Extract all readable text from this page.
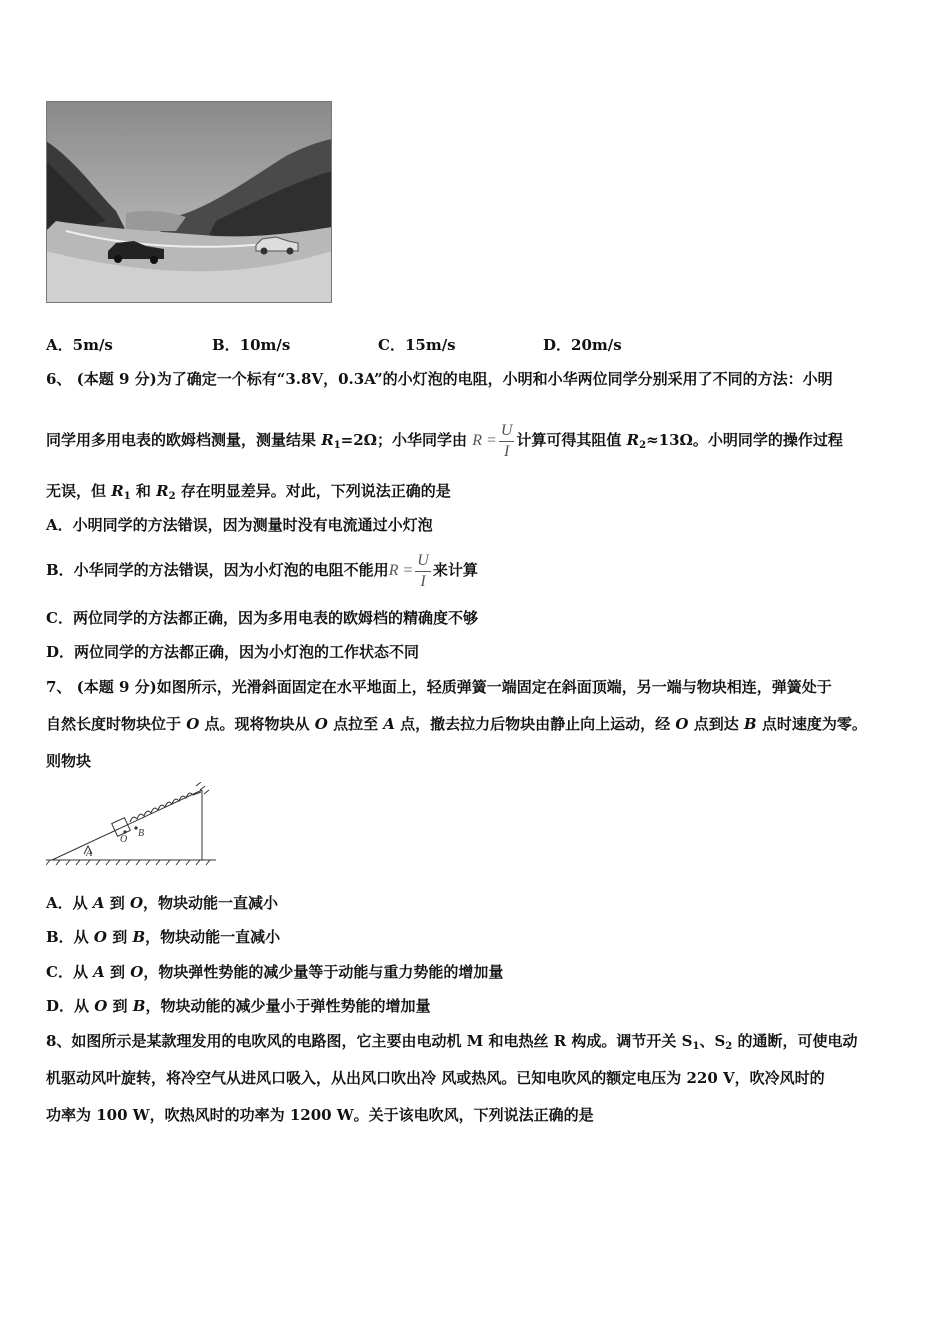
A．5m/s	B．10m/s	C．15m/s	D．20m/s
6、 (本题 9 分)为了确定一个标有“3.8V，0.3A”的小灯泡的电阻，小明和小华两位同学分别采用了不同的方法：小明
同学用多用电表的欧姆档测量，测量结果 $R_1=2\Omega$；小华同学由 $R = \frac{U}{I}$ 计算可得其阻值 $R_2\approx 13\Omega$。小明同学的操作过程
无误，但 $R_1$ 和 $R_2$ 存在明显差异。对此，下列说法正确的是
A．小明同学的方法错误，因为测量时没有电流通过小灯泡
B．小华同学的方法错误，因为小灯泡的电阻不能用$R = \frac{U}{I}$ 来计算
C．两位同学的方法都正确，因为多用电表的欧姆档的精确度不够
D．两位同学的方法都正确，因为小灯泡的工作状态不同
7、 (本题 9 分)如图所示，光滑斜面固定在水平地面上，轻质弹簧一端固定在斜面顶端，另一端与物块相连，弹簧处于
自然长度时物块位于 O 点。现将物块从 O 点拉至 A 点，撤去拉力后物块由静止向上运动，经 O 点到达 B 点时速度为零。
则物块
A
O
B
A．从 A 到 O，物块动能一直减小
B．从 O 到 B，物块动能一直减小
C．从 A 到 O，物块弹性势能的减少量等于动能与重力势能的增加量
D．从 O 到 B，物块动能的减少量小于弹性势能的增加量
8、如图所示是某款理发用的电吹风的电路图，它主要由电动机 M 和电热丝 R 构成。调节开关 $S_1$、$S_2$ 的通断，可使电动
机驱动风叶旋转，将冷空气从进风口吸入，从出风口吹出冷 风或热风。已知电吹风的额定电压为 220 V，吹冷风时的
功率为 100 W，吹热风时的功率为 1200 W。关于该电吹风，下列说法正确的是
